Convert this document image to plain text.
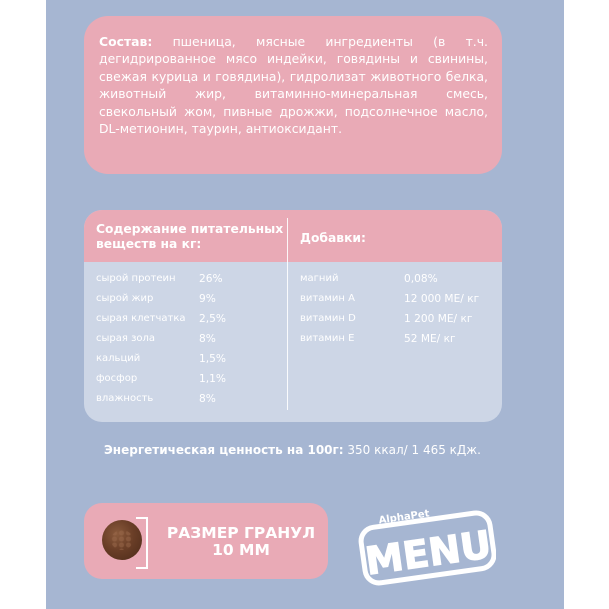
Состав: пшеница, мясные ингредиенты (в т.ч. дегидрированное мясо индейки, говядины и свинины, свежая курица и говядина), гидролизат животного белка, животный жир, витаминно-минеральная смесь, свекольный жом, пивные дрожжи, подсолнечное масло, DL-метионин, таурин, антиоксидант.
Содержание питательных веществ на кг:	Добавки:
сырой протеин 26%
сырой жир	9%
сырая клетчатка 2,5%
сырая зола	8%
кальций	1,5%
фосфор	1,1%
влажность	8%
магний	0,08%
витамин A	12 000 МЕ/ кг
витамин D	1 200 МЕ/ кг
витамин E	52 МЕ/ кг
Энергетическая ценность на 100г: 350 ккал/ 1 465 кДж.
РАЗМЕР ГРАНУЛ
10 ММ	MENU
AlphaPet
